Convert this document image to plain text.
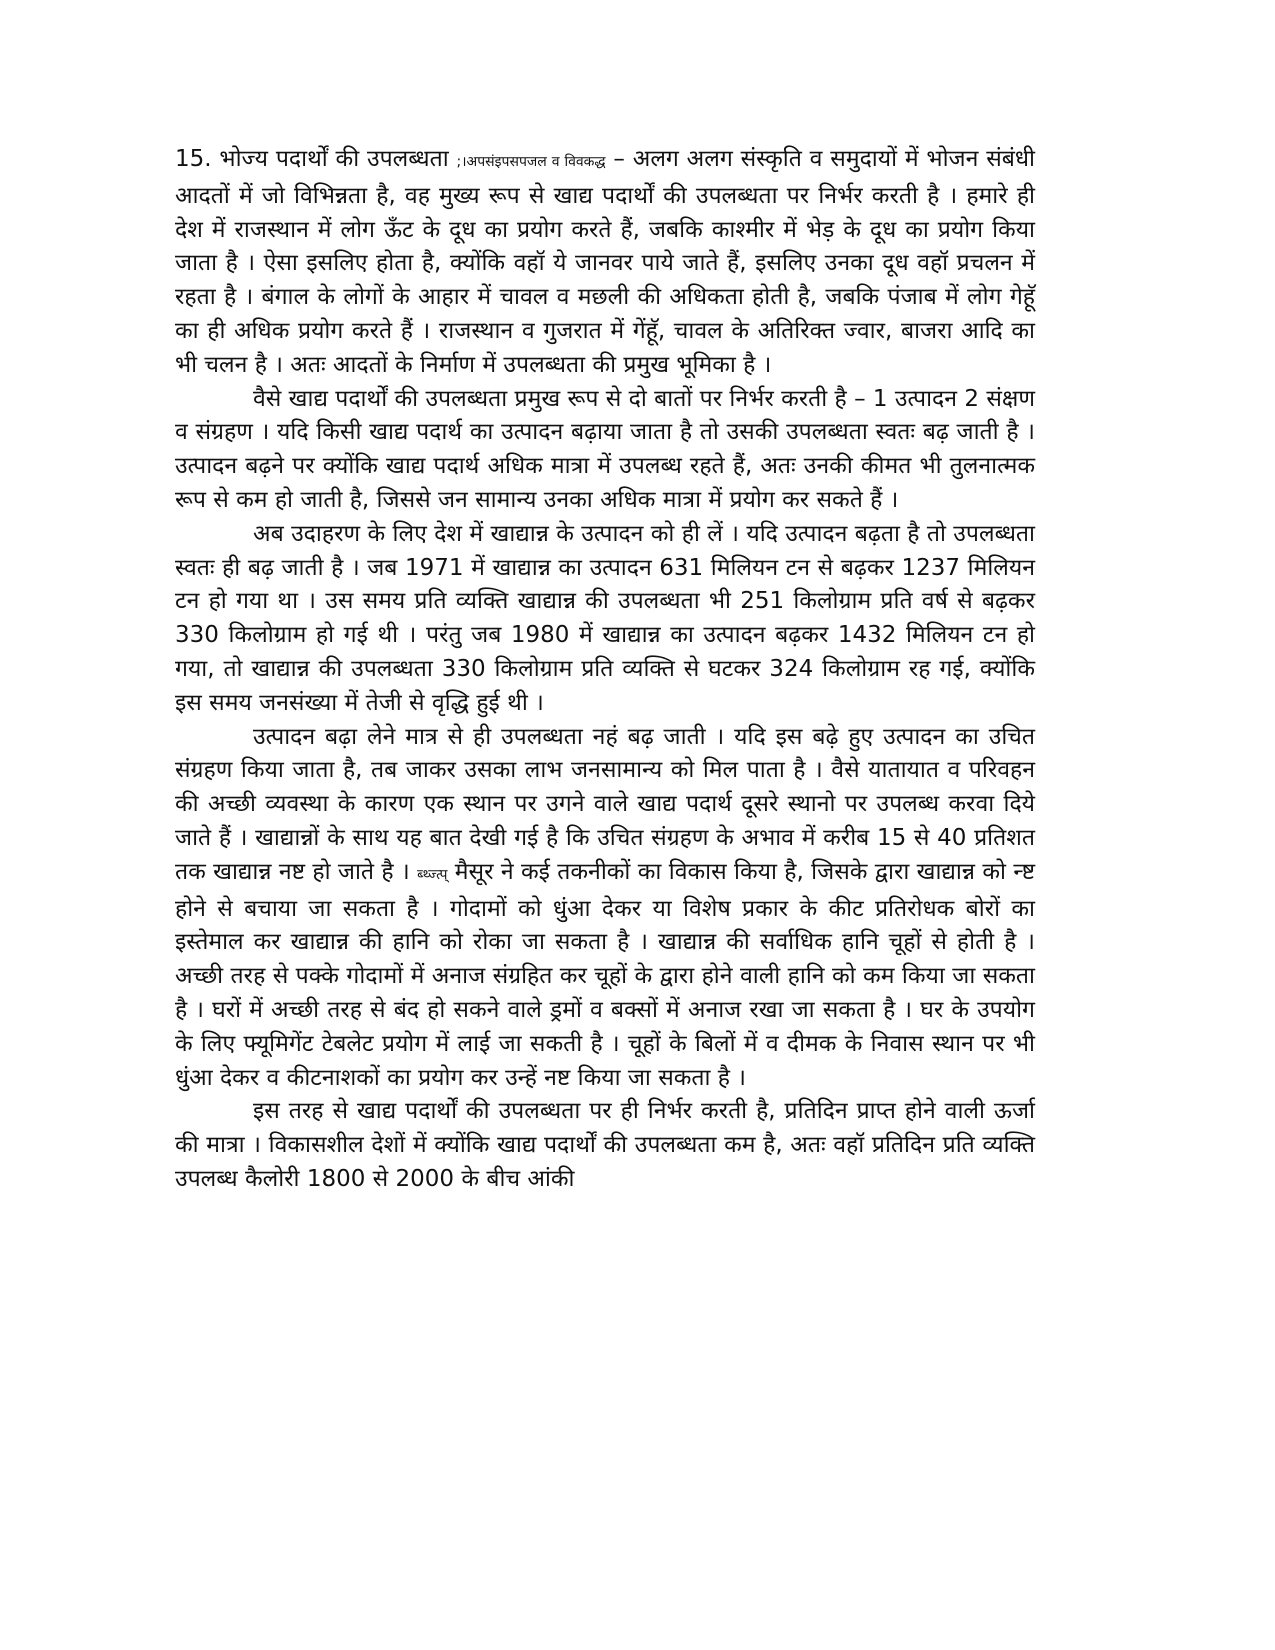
15. भोज्य पदार्थों की उपलब्धता ;।अपसंइपसपजल व विवकद्ध – अलग अलग संस्कृति व समुदायों में भोजन संबंधी आदतों में जो विभिन्नता है, वह मुख्य रूप से खाद्य पदार्थों की उपलब्धता पर निर्भर करती है । हमारे ही देश में राजस्थान में लोग ऊँट के दूध का प्रयोग करते हैं, जबकि काश्मीर में भेड़ के दूध का प्रयोग किया जाता है । ऐसा इसलिए होता है, क्योंकि वहॉ ये जानवर पाये जाते हैं, इसलिए उनका दूध वहॉ प्रचलन में रहता है । बंगाल के लोगों के आहार में चावल व मछली की अधिकता होती है, जबकि पंजाब में लोग गेहूॅ का ही अधिक प्रयोग करते हैं । राजस्थान व गुजरात में गेंहूॅ, चावल के अतिरिक्त ज्वार, बाजरा आदि का भी चलन है । अतः आदतों के निर्माण में उपलब्धता की प्रमुख भूमिका है ।

वैसे खाद्य पदार्थों की उपलब्धता प्रमुख रूप से दो बातों पर निर्भर करती है – 1 उत्पादन 2 संक्षण व संग्रहण । यदि किसी खाद्य पदार्थ का उत्पादन बढ़ाया जाता है तो उसकी उपलब्धता स्वतः बढ़ जाती है । उत्पादन बढ़ने पर क्योंकि खाद्य पदार्थ अधिक मात्रा में उपलब्ध रहते हैं, अतः उनकी कीमत भी तुलनात्मक रूप से कम हो जाती है, जिससे जन सामान्य उनका अधिक मात्रा में प्रयोग कर सकते हैं ।

अब उदाहरण के लिए देश में खाद्यान्न के उत्पादन को ही लें । यदि उत्पादन बढ़ता है तो उपलब्धता स्वतः ही बढ़ जाती है । जब 1971 में खाद्यान्न का उत्पादन 631 मिलियन टन से बढ़कर 1237 मिलियन टन हो गया था । उस समय प्रति व्यक्ति खाद्यान्न की उपलब्धता भी 251 किलोग्राम प्रति वर्ष से बढ़कर 330 किलोग्राम हो गई थी । परंतु जब 1980 में खाद्यान्न का उत्पादन बढ़कर 1432 मिलियन टन हो गया, तो खाद्यान्न की उपलब्धता 330 किलोग्राम प्रति व्यक्ति से घटकर 324 किलोग्राम रह गई, क्योंकि इस समय जनसंख्या में तेजी से वृद्धि हुई थी ।

उत्पादन बढ़ा लेने मात्र से ही उपलब्धता नहं बढ़ जाती । यदि इस बढ़े हुए उत्पादन का उचित संग्रहण किया जाता है, तब जाकर उसका लाभ जनसामान्य को मिल पाता है । वैसे यातायात व परिवहन की अच्छी व्यवस्था के कारण एक स्थान पर उगने वाले खाद्य पदार्थ दूसरे स्थानो पर उपलब्ध करवा दिये जाते हैं । खाद्यान्नों के साथ यह बात देखी गई है कि उचित संग्रहण के अभाव में करीब 15 से 40 प्रतिशत तक खाद्यान्न नष्ट हो जाते है । ब्थ्ज्त्प् मैसूर ने कई तकनीकों का विकास किया है, जिसके द्वारा खाद्यान्न को न्ष्ट होने से बचाया जा सकता है । गोदामों को धुंआ देकर या विशेष प्रकार के कीट प्रतिरोधक बोरों का इस्तेमाल कर खाद्यान्न की हानि को रोका जा सकता है । खाद्यान्न की सर्वाधिक हानि चूहों से होती है । अच्छी तरह से पक्के गोदामों में अनाज संग्रहित कर चूहों के द्वारा होने वाली हानि को कम किया जा सकता है । घरों में अच्छी तरह से बंद हो सकने वाले ड्रमों व बक्सों में अनाज रखा जा सकता है । घर के उपयोग के लिए फ्यूमिगेंट टेबलेट प्रयोग में लाई जा सकती है । चूहों के बिलों में व दीमक के निवास स्थान पर भी धुंआ देकर व कीटनाशकों का प्रयोग कर उन्हें नष्ट किया जा सकता है ।

इस तरह से खाद्य पदार्थों की उपलब्धता पर ही निर्भर करती है, प्रतिदिन प्राप्त होने वाली ऊर्जा की मात्रा । विकासशील देशों में क्योंकि खाद्य पदार्थों की उपलब्धता कम है, अतः वहॉ प्रतिदिन प्रति व्यक्ति उपलब्ध कैलोरी 1800 से 2000 के बीच आंकी
